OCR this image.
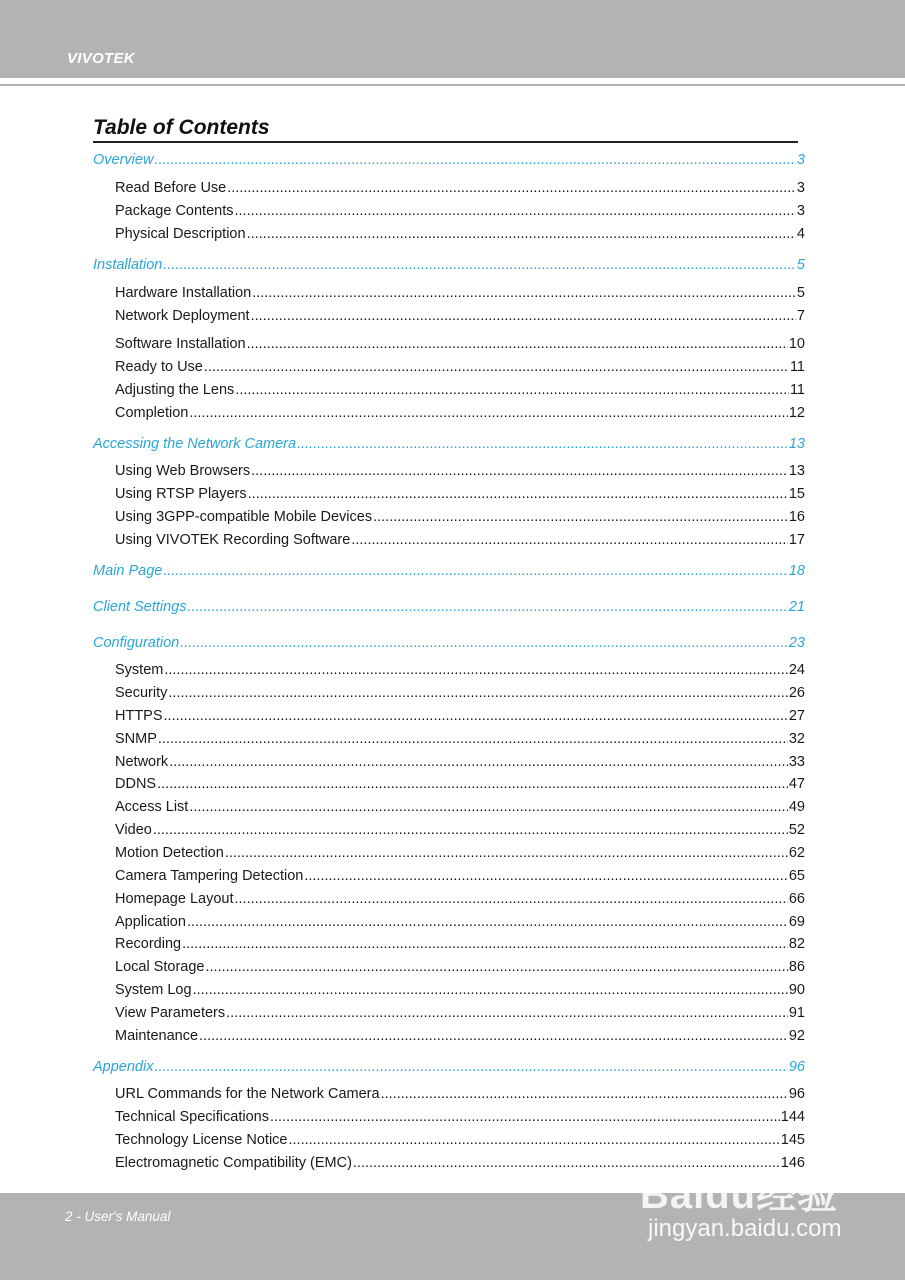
VIVOTEK
Table of Contents
Overview .....	3
Read Before Use .....	3
Package Contents .....	3
Physical Description .....	4
Installation .....	5
Hardware Installation .....	5
Network Deployment .....	7
Software Installation .....	10
Ready to Use .....	11
Adjusting the Lens .....	11
Completion .....	12
Accessing the Network Camera .....	13
Using Web Browsers .....	13
Using RTSP Players .....	15
Using 3GPP-compatible Mobile Devices .....	16
Using VIVOTEK Recording Software .....	17
Main Page .....	18
Client Settings .....	21
Configuration .....	23
System .....	24
Security .....	26
HTTPS .....	27
SNMP .....	32
Network .....	33
DDNS .....	47
Access List .....	49
Video .....	52
Motion Detection .....	62
Camera Tampering Detection .....	65
Homepage Layout .....	66
Application .....	69
Recording .....	82
Local Storage .....	86
System Log .....	90
View Parameters .....	91
Maintenance .....	92
Appendix .....	96
URL Commands for the Network Camera .....	96
Technical Specifications .....	144
Technology License Notice .....	145
Electromagnetic Compatibility (EMC) .....	146
2 - User's Manual	Baidu经验
jingyan.baidu.com
